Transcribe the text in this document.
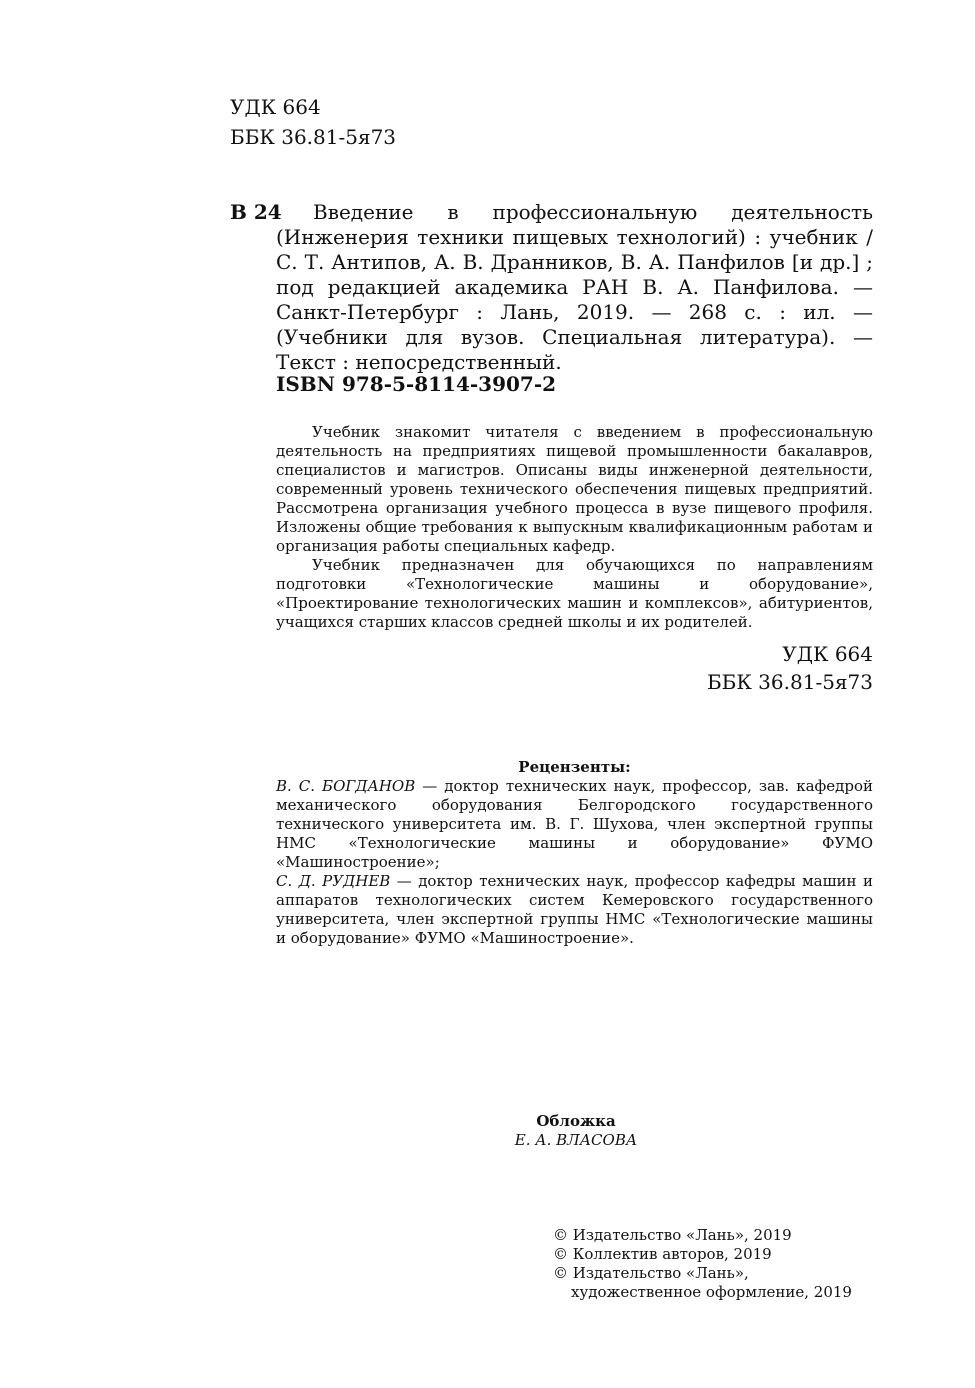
УДК 664
ББК 36.81-5я73
В 24	Введение в профессиональную деятельность (Инженерия техники пищевых технологий) : учебник / С. Т. Антипов, А. В. Дранников, В. А. Панфилов [и др.] ; под редакцией академика РАН В. А. Панфилова. — Санкт-Петербург : Лань, 2019. — 268 с. : ил. — (Учебники для вузов. Специальная литература). — Текст : непосредственный.

ISBN 978-5-8114-3907-2

Учебник знакомит читателя с введением в профессиональную деятельность на предприятиях пищевой промышленности бакалавров, специалистов и магистров. Описаны виды инженерной деятельности, современный уровень технического обеспечения пищевых предприятий. Рассмотрена организация учебного процесса в вузе пищевого профиля. Изложены общие требования к выпускным квалификационным работам и организация работы специальных кафедр.

Учебник предназначен для обучающихся по направлениям подготовки «Технологические машины и оборудование», «Проектирование технологических машин и комплексов», абитуриентов, учащихся старших классов средней школы и их родителей.

УДК 664
ББК 36.81-5я73
Рецензенты:

В. С. БОГДАНОВ — доктор технических наук, профессор, зав. кафедрой механического оборудования Белгородского государственного технического университета им. В. Г. Шухова, член экспертной группы НМС «Технологические машины и оборудование» ФУМО «Машиностроение»;

С. Д. РУДНЕВ — доктор технических наук, профессор кафедры машин и аппаратов технологических систем Кемеровского государственного университета, член экспертной группы НМС «Технологические машины и оборудование» ФУМО «Машиностроение».

Обложка
Е. А. ВЛАСОВА
© Издательство «Лань», 2019
© Коллектив авторов, 2019
© Издательство «Лань»,
художественное оформление, 2019
